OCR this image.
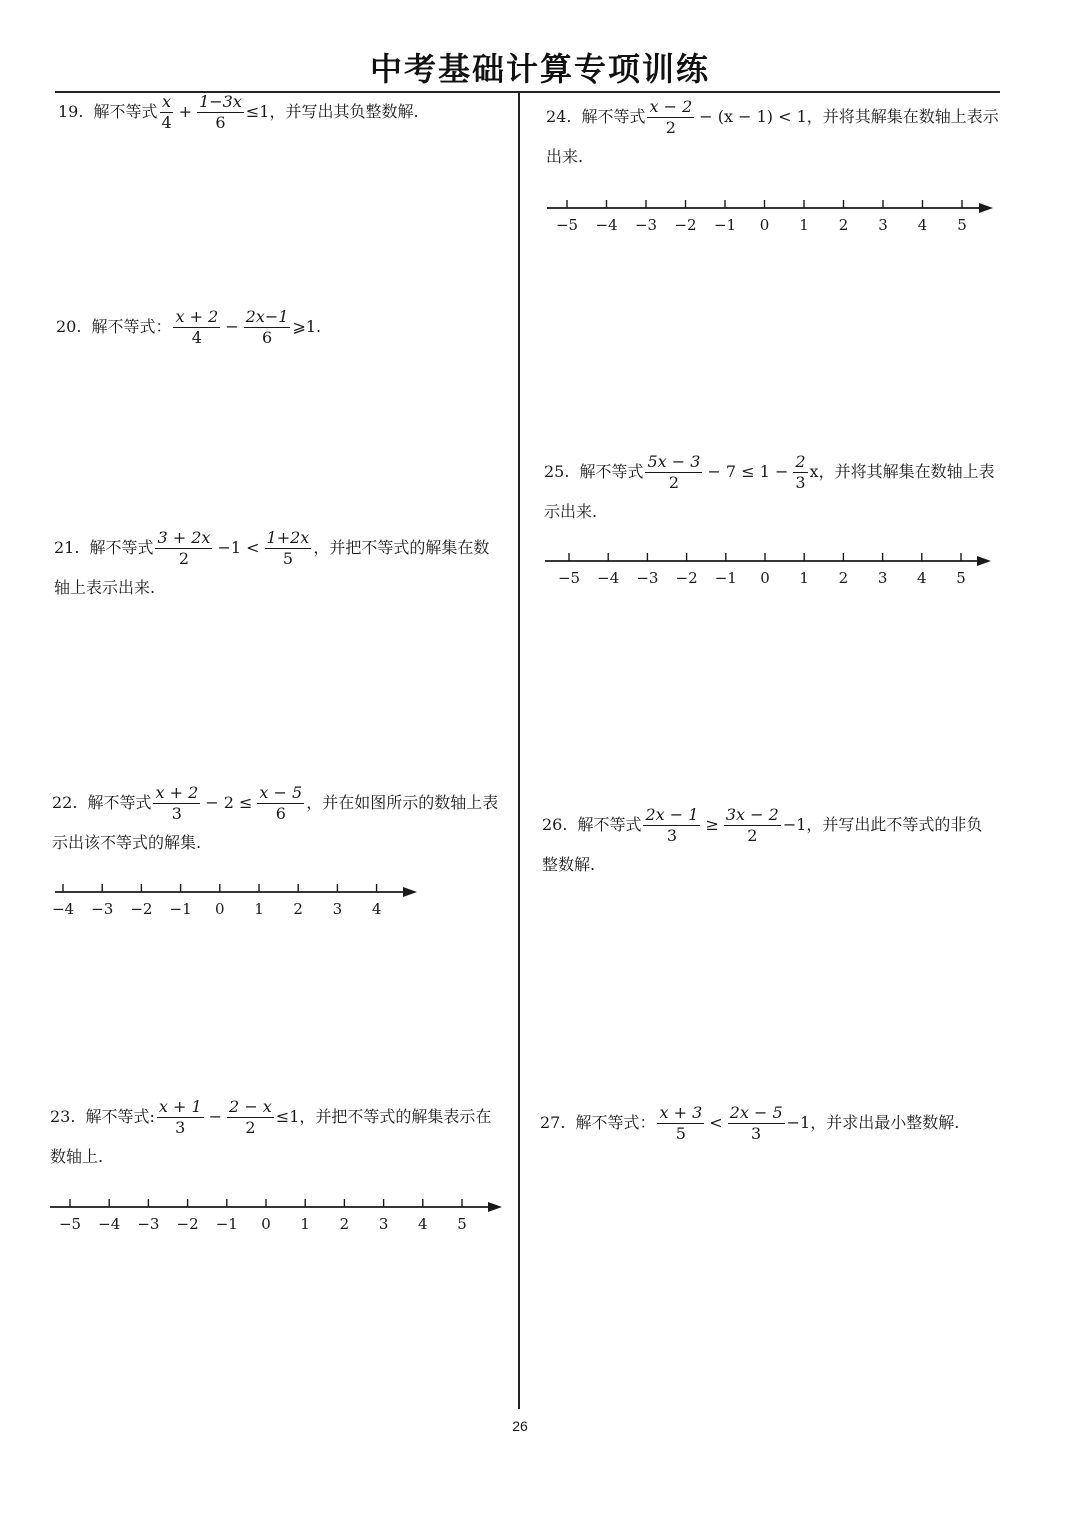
中考基础计算专项训练
19. 解不等式 $\frac{x}{4} + \frac{1-3x}{6} \le 1$，并写出其负整数解.
20. 解不等式： $\frac{x + 2}{4} - \frac{2x-1}{6}$ ⩾1.
21. 解不等式 $\frac{3 + 2x}{2} -1 < \frac{1+2x}{5}$ ，并把不等式的解集在数
轴上表示出来.
22. 解不等式 $\frac{x + 2}{3} - 2 \le \frac{x - 5}{6}$ ，并在如图所示的数轴上表
示出该不等式的解集.
23. 解不等式: $\frac{x + 1}{3} - \frac{2 - x}{2} \le 1$，并把不等式的解集表示在
数轴上.
24. 解不等式 $\frac{x - 2}{2} - (x - 1) < 1$，并将其解集在数轴上表示
出来.
25. 解不等式 $\frac{5x - 3}{2} - 7 \le 1 - \frac{2}{3}$ x，并将其解集在数轴上表
示出来.
26. 解不等式 $\frac{2x - 1}{3} \ge \frac{3x - 2}{2} -1$，并写出此不等式的非负
整数解.
27. 解不等式： $\frac{x + 3}{5} < \frac{2x - 5}{3} -1$，并求出最小整数解.
−4 −3 −2 −1 0 1 2 3 4
−5 −4 −3 −2 −1 0 1 2 3 4 5
−5 −4 −3 −2 −1 0 1 2 3 4 5
−5 −4 −3 −2 −1 0 1 2 3 4 5
26
